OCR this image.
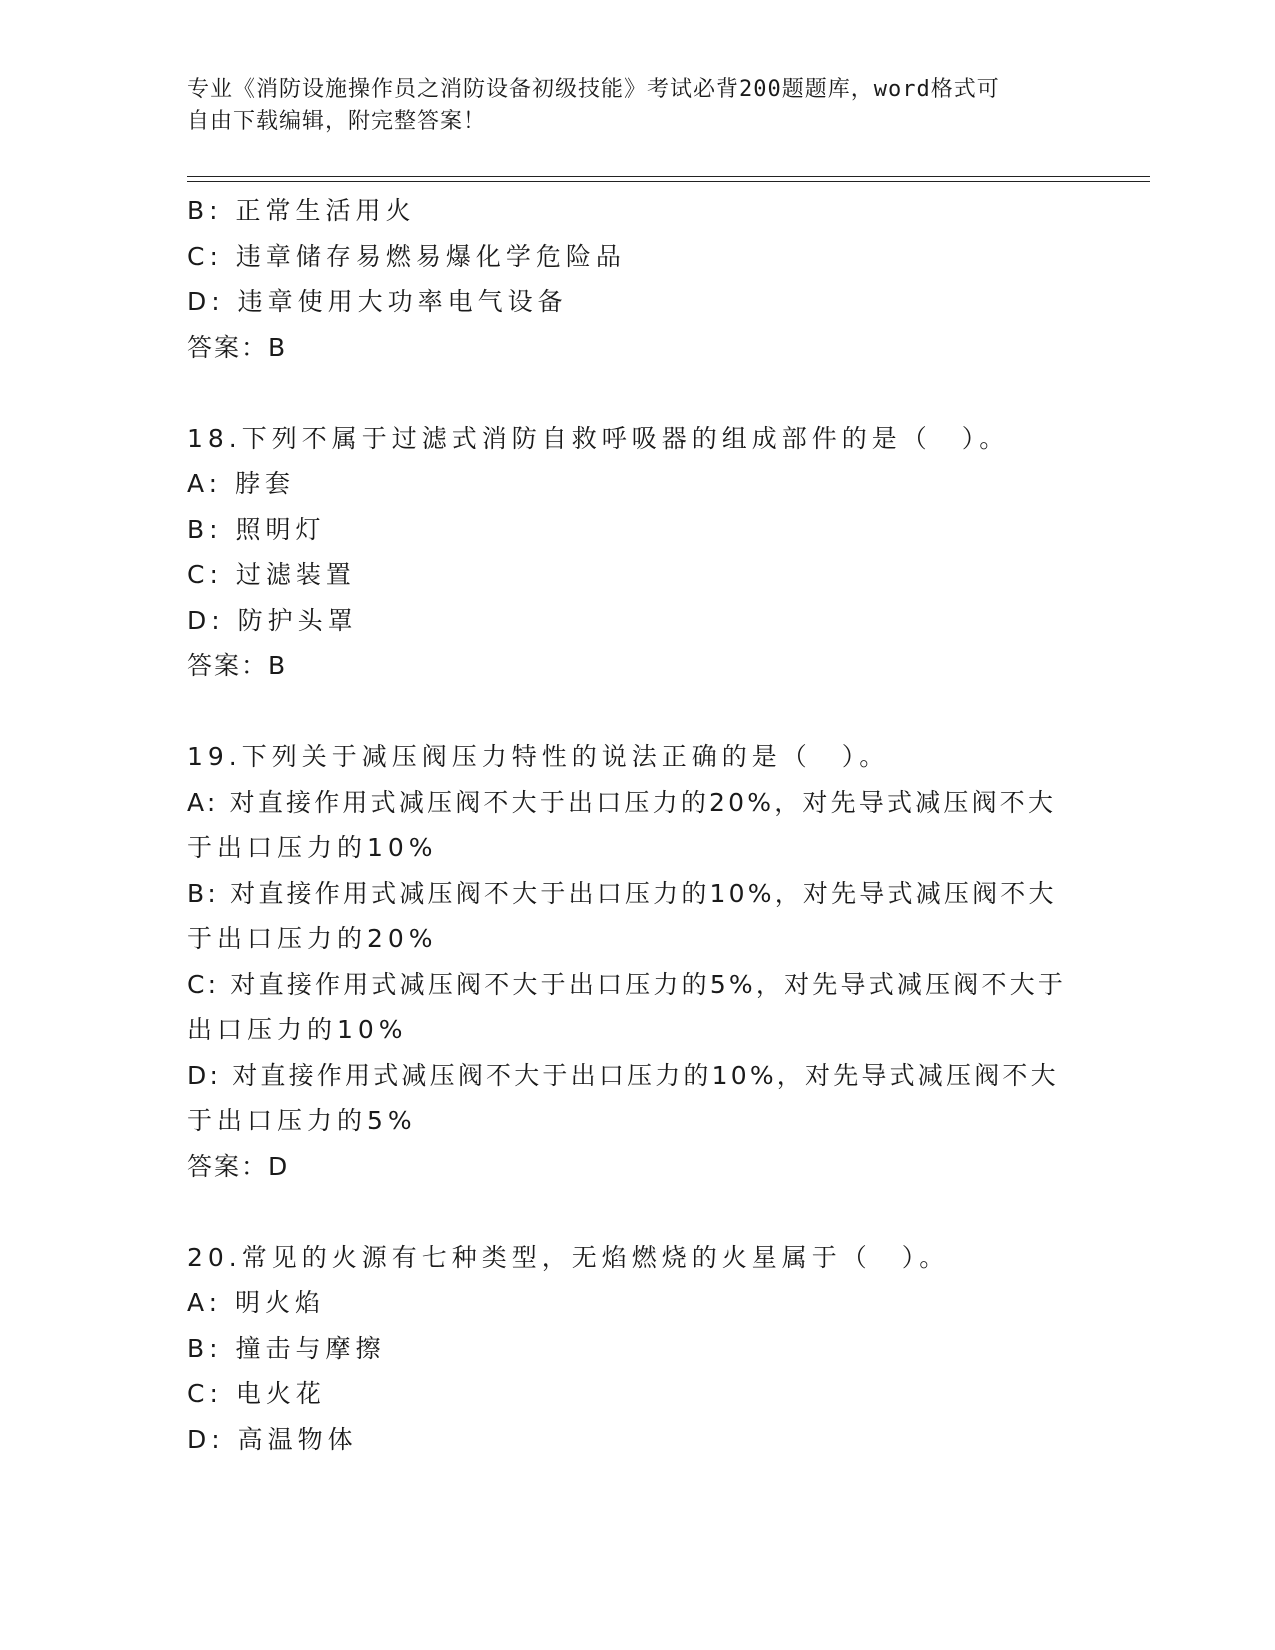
专业《消防设施操作员之消防设备初级技能》考试必背200题题库，word格式可
自由下载编辑，附完整答案！
B: 正常生活用火
C: 违章储存易燃易爆化学危险品
D: 违章使用大功率电气设备
答案：B
18.下列不属于过滤式消防自救呼吸器的组成部件的是（　）。
A: 脖套
B: 照明灯
C: 过滤装置
D: 防护头罩
答案：B
19.下列关于减压阀压力特性的说法正确的是（　）。
A: 对直接作用式减压阀不大于出口压力的20%，对先导式减压阀不大
于出口压力的10%
B: 对直接作用式减压阀不大于出口压力的10%，对先导式减压阀不大
于出口压力的20%
C: 对直接作用式减压阀不大于出口压力的5%，对先导式减压阀不大于
出口压力的10%
D: 对直接作用式减压阀不大于出口压力的10%，对先导式减压阀不大
于出口压力的5%
答案：D
20.常见的火源有七种类型，无焰燃烧的火星属于（　）。
A: 明火焰
B: 撞击与摩擦
C: 电火花
D: 高温物体
